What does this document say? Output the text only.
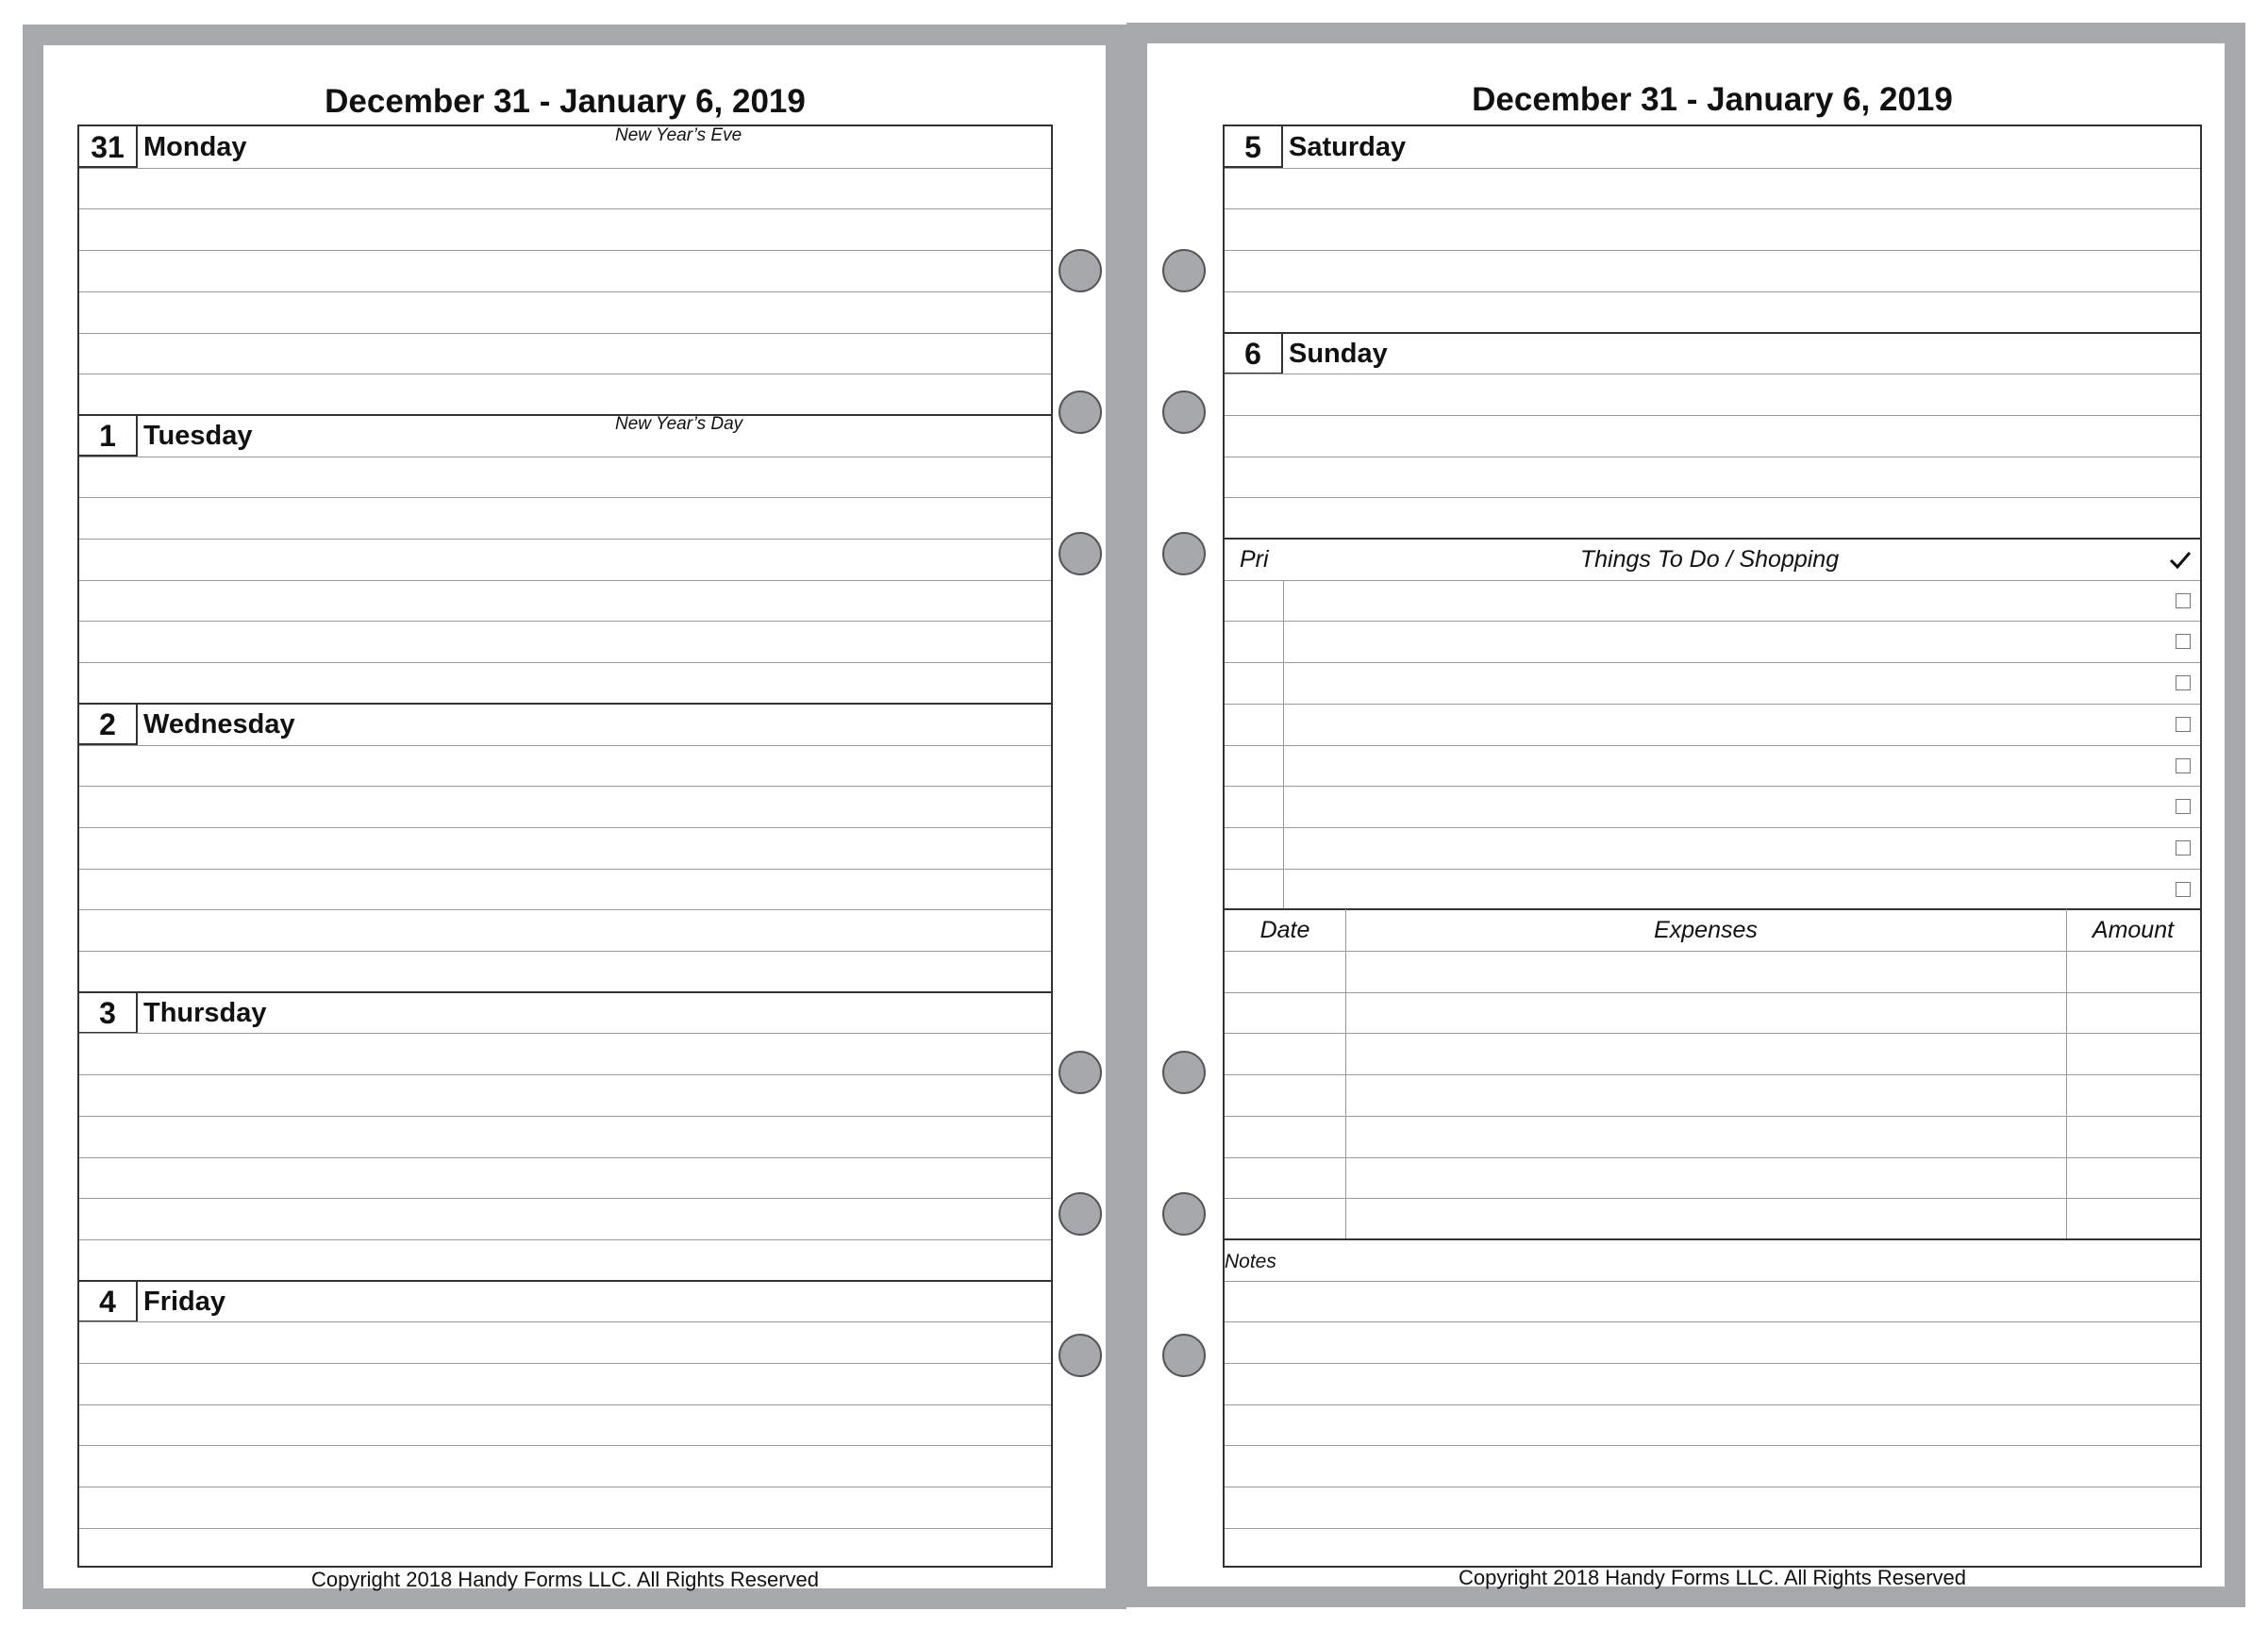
December 31 - January 6, 2019
31 Monday	New Year’s Eve
1	Tuesday	New Year’s Day
2	Wednesday
3	Thursday
4	Friday
Copyright 2018 Handy Forms LLC. All Rights Reserved
December 31 - January 6, 2019
5	Saturday
6	Sunday
Pri	Things To Do / Shopping
Date	Expenses	Amount
Notes
Copyright 2018 Handy Forms LLC. All Rights Reserved
